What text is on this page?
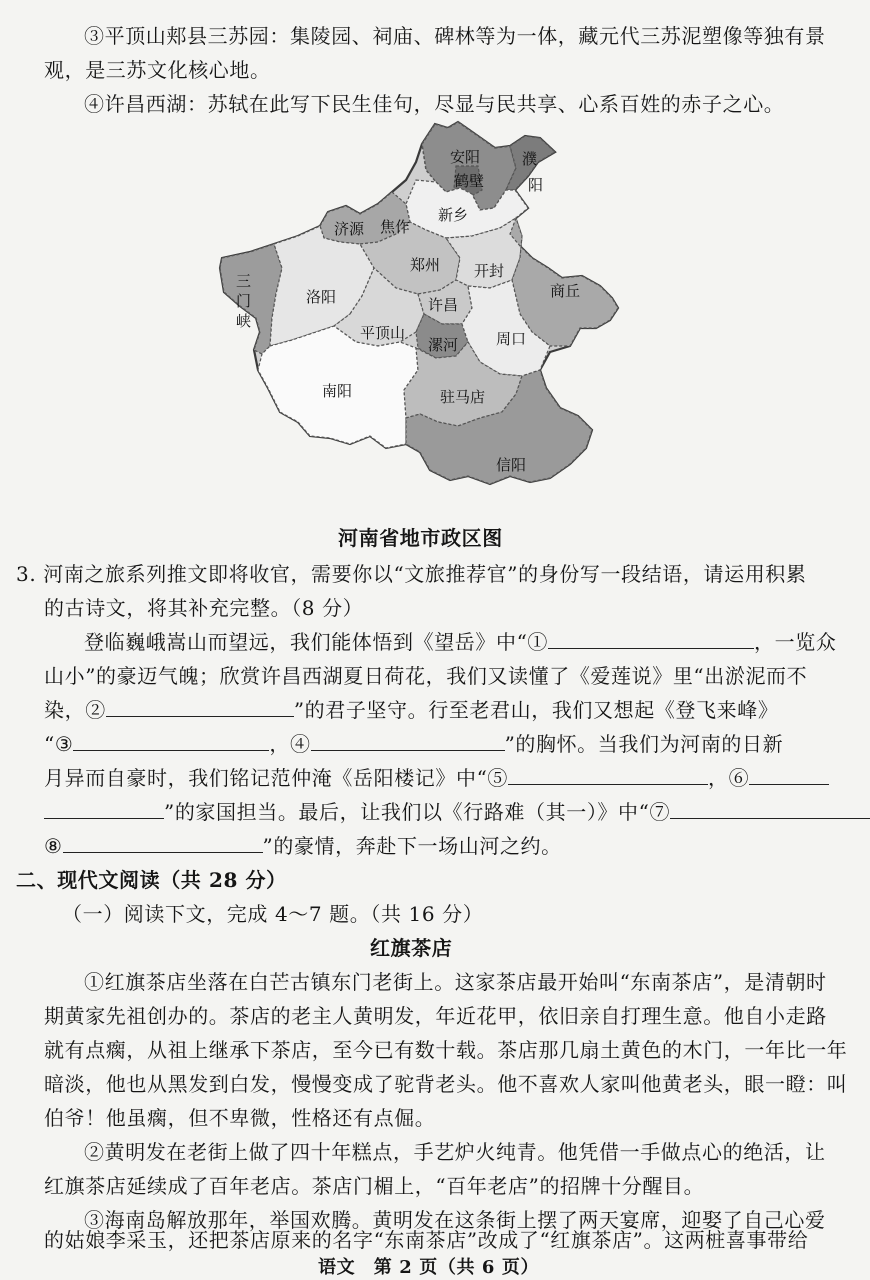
③平顶山郏县三苏园：集陵园、祠庙、碑林等为一体，藏元代三苏泥塑像等独有景
观，是三苏文化核心地。
④许昌西湖：苏轼在此写下民生佳句，尽显与民共享、心系百姓的赤子之心。
安阳
鹤壁
濮
阳
新乡
济源 焦作
三
门
峡
郑州 开封
商丘
洛阳	许昌
平顶山
漯河	周口
南阳	驻马店
信阳
河南省地市政区图
3. 河南之旅系列推文即将收官，需要你以“文旅推荐官”的身份写一段结语，请运用积累
的古诗文，将其补充完整。（8 分）
登临巍峨嵩山而望远，我们能体悟到《望岳》中“①	，一览众
山小”的豪迈气魄；欣赏许昌西湖夏日荷花，我们又读懂了《爱莲说》里“出淤泥而不
染，②	”的君子坚守。行至老君山，我们又想起《登飞来峰》
“③	，④	”的胸怀。当我们为河南的日新
月异而自豪时，我们铭记范仲淹《岳阳楼记》中“⑤	，⑥
”的家国担当。最后，让我们以《行路难（其一）》中“⑦
⑧	”的豪情，奔赴下一场山河之约。
二、现代文阅读（共 28 分）
（一）阅读下文，完成 4～7 题。（共 16 分）
红旗茶店
①红旗茶店坐落在白芒古镇东门老街上。这家茶店最开始叫“东南茶店”，是清朝时
期黄家先祖创办的。茶店的老主人黄明发，年近花甲，依旧亲自打理生意。他自小走路
就有点瘸，从祖上继承下茶店，至今已有数十载。茶店那几扇土黄色的木门，一年比一年
暗淡，他也从黑发到白发，慢慢变成了驼背老头。他不喜欢人家叫他黄老头，眼一瞪：叫
伯爷！他虽瘸，但不卑微，性格还有点倔。
②黄明发在老街上做了四十年糕点，手艺炉火纯青。他凭借一手做点心的绝活，让
红旗茶店延续成了百年老店。茶店门楣上，“百年老店”的招牌十分醒目。
③海南岛解放那年，举国欢腾。黄明发在这条街上摆了两天宴席，迎娶了自己心爱
的姑娘李采玉，还把茶店原来的名字“东南茶店”改成了“红旗茶店”。这两桩喜事带给
语文　第 2 页（共 6 页）
